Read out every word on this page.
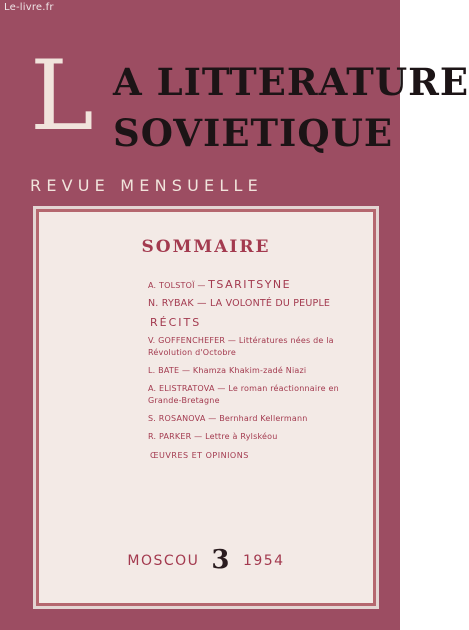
Le-livre.fr
L A LITTERATURE
SOVIETIQUE
REVUE MENSUELLE
SOMMAIRE
A. TOLSTOÏ — TSARITSYNE
N. RYBAK — LA VOLONTÉ DU PEUPLE
RÉCITS
V. GOFFENCHEFER — Littératures nées de la Révolution d'Octobre
L. BATE — Khamza Khakim-zadé Niazi
A. ELISTRATOVA — Le roman réactionnaire en Grande-Bretagne
S. ROSANOVA — Bernhard Kellermann
R. PARKER — Lettre à Rylskéou
ŒUVRES ET OPINIONS
MOSCOU 3 1954
